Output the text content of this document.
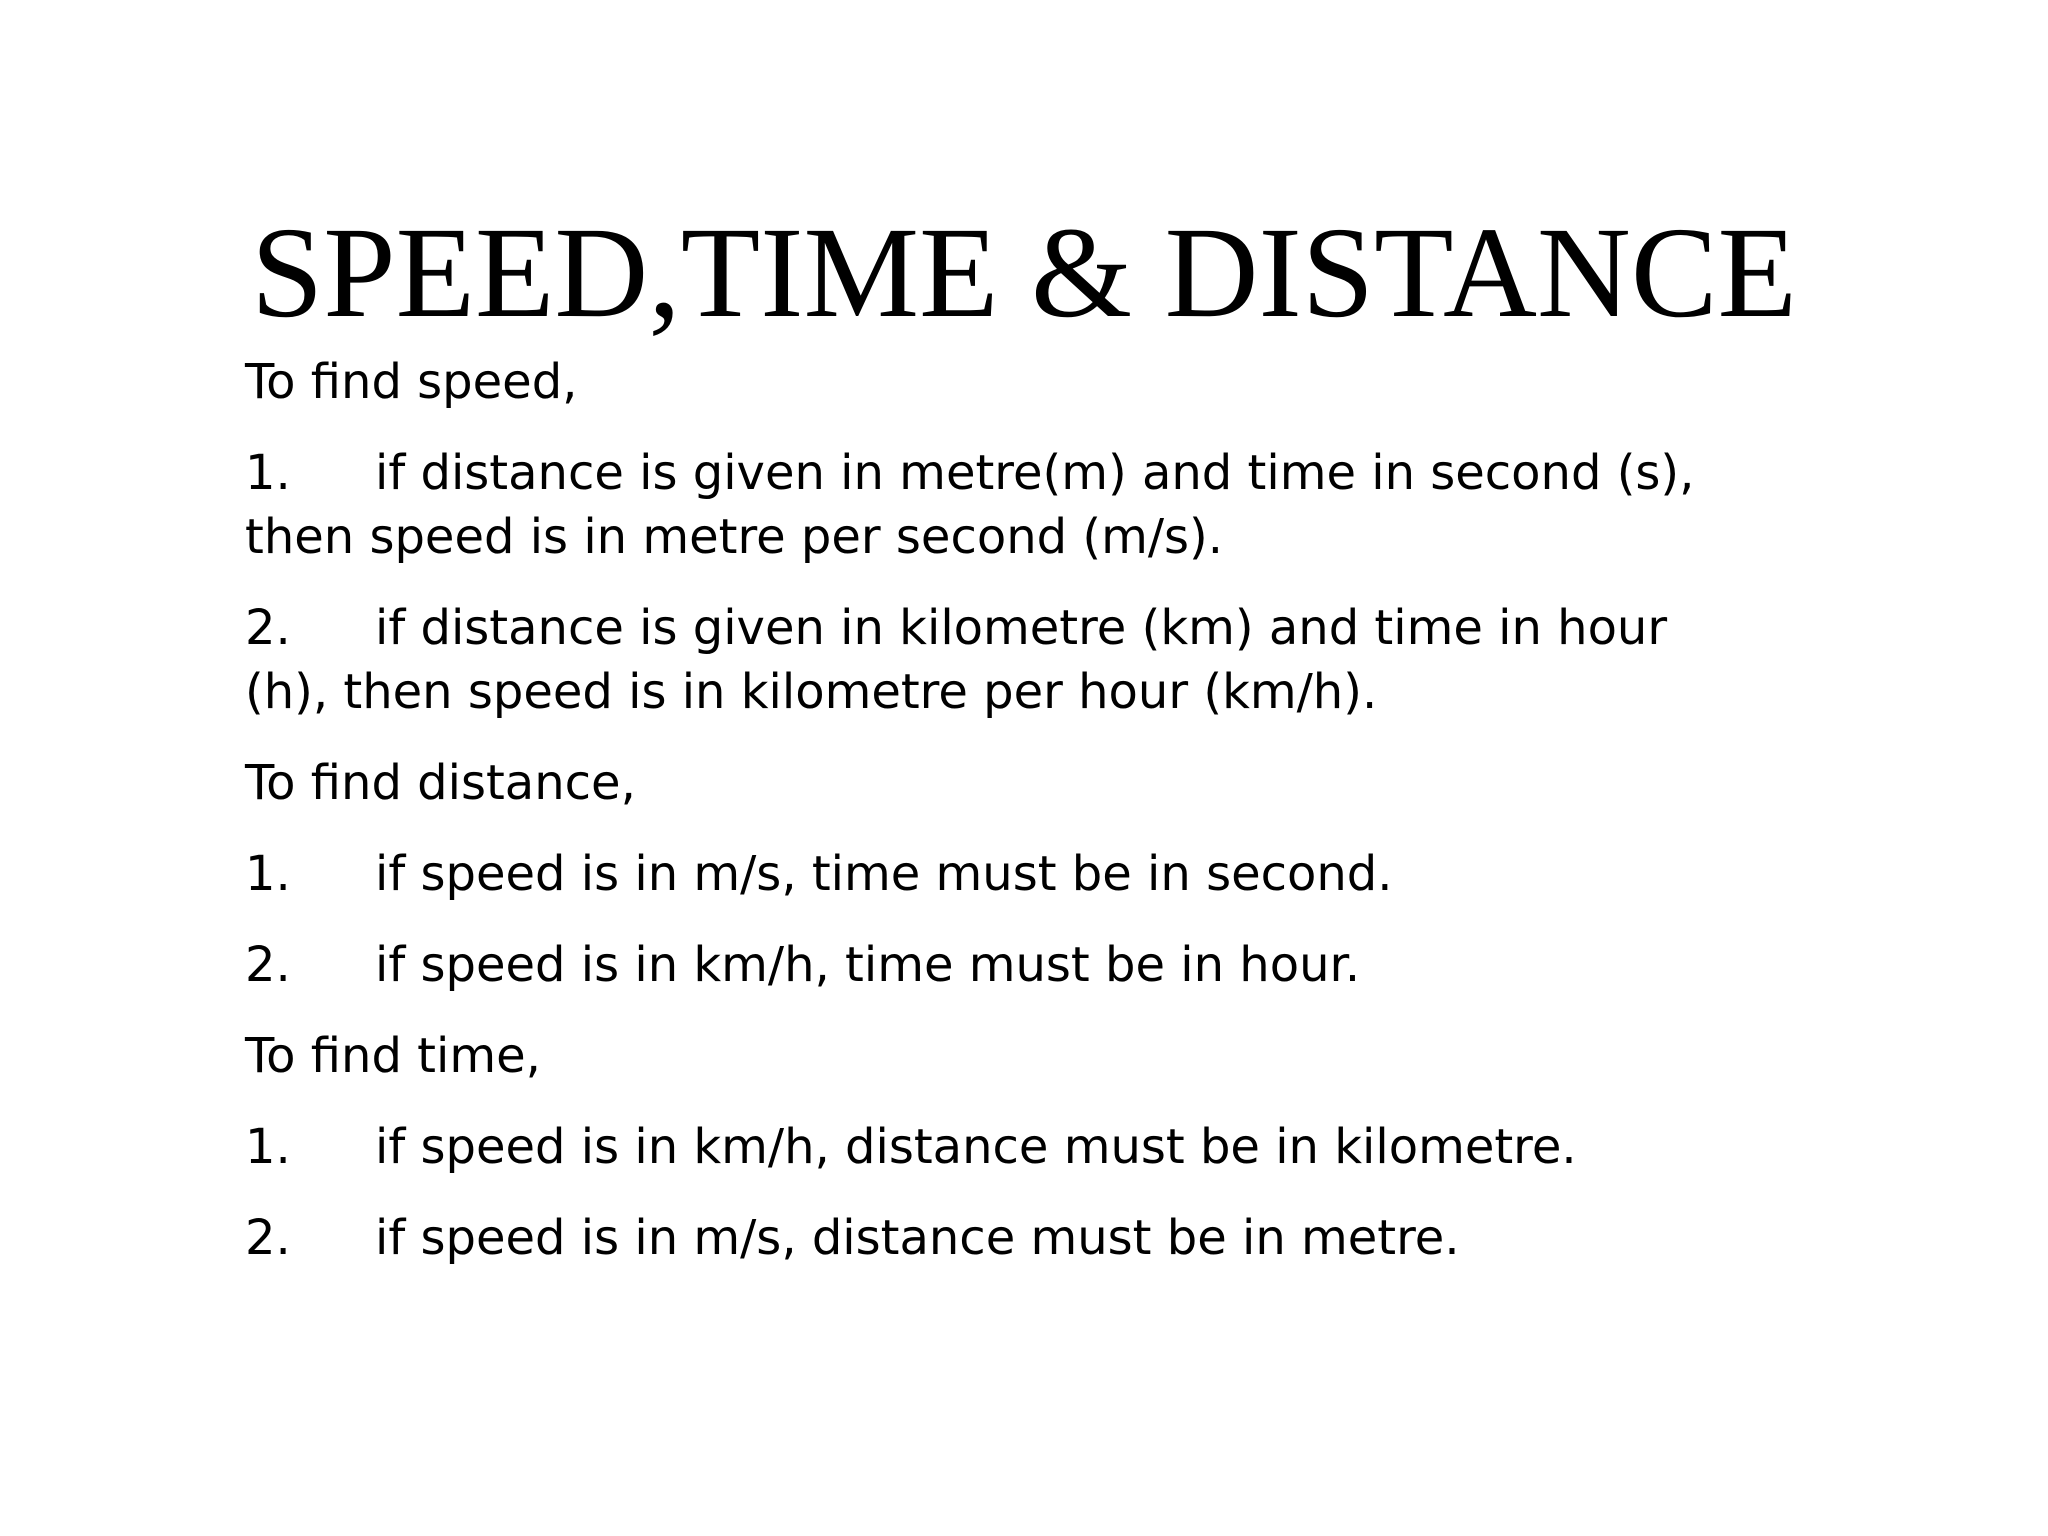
SPEED,TIME & DISTANCE

To find speed,

1. if distance is given in metre(m) and time in second (s),
then speed is in metre per second (m/s).
2. if distance is given in kilometre (km) and time in hour
(h), then speed is in kilometre per hour (km/h).

To find distance,

1. if speed is in m/s, time must be in second.
2. if speed is in km/h, time must be in hour.

To find time,

1. if speed is in km/h, distance must be in kilometre.
2. if speed is in m/s, distance must be in metre.
